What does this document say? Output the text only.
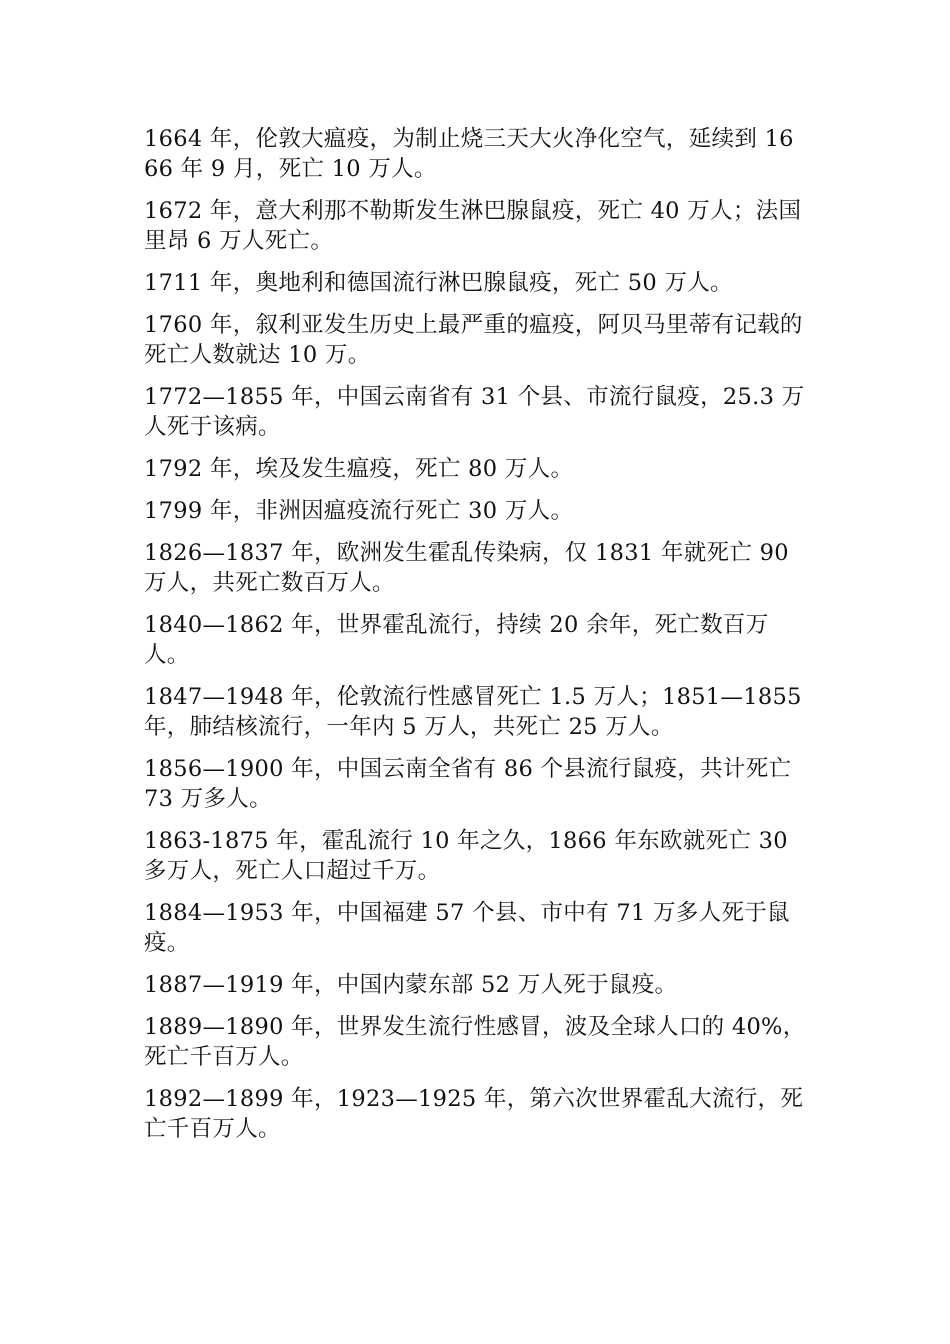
1664 年，伦敦大瘟疫，为制止烧三天大火净化空气，延续到 1666 年 9 月，死亡 10 万人。

1672 年，意大利那不勒斯发生淋巴腺鼠疫，死亡 40 万人；法国里昂 6 万人死亡。

1711 年，奥地利和德国流行淋巴腺鼠疫，死亡 50 万人。

1760 年，叙利亚发生历史上最严重的瘟疫，阿贝马里蒂有记载的死亡人数就达 10 万。

1772—1855 年，中国云南省有 31 个县、市流行鼠疫，25.3 万人死于该病。

1792 年，埃及发生瘟疫，死亡 80 万人。

1799 年，非洲因瘟疫流行死亡 30 万人。

1826—1837 年，欧洲发生霍乱传染病，仅 1831 年就死亡 90 万人，共死亡数百万人。

1840—1862 年，世界霍乱流行，持续 20 余年，死亡数百万人。

1847—1948 年，伦敦流行性感冒死亡 1.5 万人；1851—1855 年，肺结核流行，一年内 5 万人，共死亡 25 万人。

1856—1900 年，中国云南全省有 86 个县流行鼠疫，共计死亡 73 万多人。

1863-1875 年，霍乱流行 10 年之久，1866 年东欧就死亡 30 多万人，死亡人口超过千万。

1884—1953 年，中国福建 57 个县、市中有 71 万多人死于鼠疫。

1887—1919 年，中国内蒙东部 52 万人死于鼠疫。

1889—1890 年，世界发生流行性感冒，波及全球人口的 40%，死亡千百万人。

1892—1899 年，1923—1925 年，第六次世界霍乱大流行，死亡千百万人。
